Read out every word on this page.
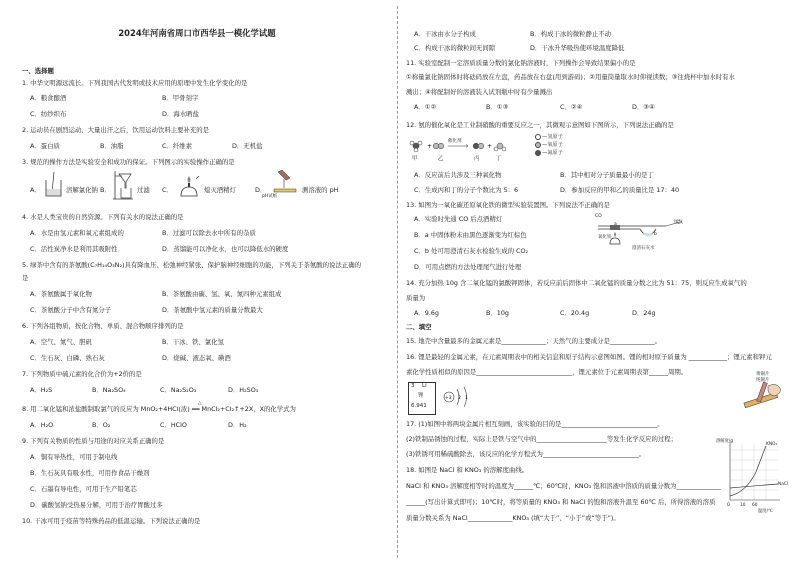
2024年河南省周口市西华县一模化学试题
一、选择题
1. 中华文明源远流长。下列我国古代发明或技术应用的原理中发生化学变化的是
A．粮食酿酒	B．甲骨刻字
C．纺纱织布	D．海水晒盐
2. 运动员在剧烈运动、大量出汗之后，饮用运动饮料主要补充的是
A．蛋白质	B．油脂	C．纤维素	D．无机盐
3. 规范的操作方法是实验安全和成功的保证。下列图示的实验操作正确的是
A．	溶解氯化钠 B．	过滤 C．	熄灭酒精灯	D．
pH试纸
测溶液的 pH
4. 水是人类宝贵的自然资源。下列有关水的说法正确的是
A．水是由氢元素和氧元素组成的	B．过滤可以除去水中所有的杂质
C．活性炭净水是利用其吸附性	D．蒸馏能可以净化水，也可以降低水的硬度
5. 绿茶中含有的茶氨酸(C₇H₁₄O₃N₂)具有降血压、松弛神经紧张、保护脑神经细胞的功能，下列关于茶氨酸的说法正确的
是
A．茶氨酸属于氧化物	B．茶氨酸由碳、氢、氧、氮四种元素组成
C．茶氨酸分子中含有氮分子	D．茶氨酸中氢元素的质量分数最大
6. 下列各组物质，按化合物、单质、混合物顺序排列的是
A．空气、氮气、胆矾	B．干冰、铁、氯化氢
C．生石灰、白磷、熟石灰	D．烧碱、液态氧、碘酒
7. 下列物质中硫元素的化合价为+2价的是
A．H₂S	B．Na₂SO₄	C．Na₂S₂O₃	D．H₂SO₃
8. 用二氧化锰和浓盐酸制取氯气的反应为 MnO₂+4HCl(浓) ══ MnCl₂+Cl₂↑+2X，X的化学式为
△
A．H₂O	B．O₂	C．HClO	D．H₂
9. 下列有关物质的性质与用途的对应关系正确的是
A．铜有导热性，可用于制电线
B．生石灰具有吸水性，可用作食品干燥剂
C．石墨有导电性，可用于生产铅笔芯
D．碳酸氢钠受热易分解，可用于治疗胃酸过多
10. 干冰可用于疫苗等特殊药品的低温运输。下列说法正确的是
A．干冰由水分子构成	B．构成干冰的微粒静止不动
C．构成干冰的微粒间无间隙	D．干冰升华吸热使环境温度降低
11. 实验室配制一定溶质质量分数的氯化钠溶液时，下列操作会导致结果偏小的是
①称量氯化钠固体时将砝码放在左盘，药品放在右盘(用到游码)；②用量筒量取水时仰视读数；③往烧杯中加水时有水
溅出；④将配制好的溶液装入试剂瓶中时有少量溅出
A．①②	B．①③	C．②④	D．③④
12. 氨的催化氧化是工业制硝酸的重要反应之一，其微观示意图如下图所示，下列说法正确的是
+	+
催化剂
甲	乙	丙	丁
—氢原子
—氧原子
—氮原子
A．反应前后共涉及三种氧化物	B．其中相对分子质量最小的是丁
C．生成丙和丁的分子个数比为 5：6	D．参加反应的甲和乙的质量比是 17：40
13. 如图为一氧化碳还原氧化铁的微型实验装置图。下列说法不正确的是
A．实验时先通 CO 后点酒精灯
B．a 中固体粉末由黑色逐渐变为红棕色
C．b 处可用澄清石灰水检验生成的 CO₂
D．可用点燃的方法处理尾气进行处理
CO
a
氧化铁
b
尾气
澄清石灰水
14. 充分加热 10g 含二氧化锰的氯酸钾固体，若反应前后固体中二氧化锰的质量分数之比为 51：75，则反应生成氧气的
质量为
A．9.6g	B．10g	C．20.4g	D．24g
二、填空
15. 地壳中含量最多的金属元素是______________；天然气的主要成分是______________。
16. 锂是最轻的金属元素，在元素周期表中的相关信息和原子结构示意图如图。锂的相对原子质量为 ____________；锂元素和钾元
素化学性质相似的原因是______________________________，锂元素位于元素周期表第______周期。
3 Li
锂
6.941
+3 2 1
黄铜片
纯铜片
17. (1)如图中将两块金属片相互刻画，该实验的目的是______________________________。
(2)铁制品锈蚀的过程，实际上是铁与空气中的______________________等发生化学反应的过程；
(3)铁锈可用稀硫酸除去，该反应的化学方程式为______________________________。
18. 如图是 NaCl 和 KNO₃ 的溶解度曲线。
NaCl 和 KNO₃ 溶解度相等时的温度为______℃；60℃时，KNO₃ 饱和溶液中溶质的质量分数为______________
______(写出计算式即可)；10℃时，将等质量的 KNO₃ 和 NaCl 的饱和溶液升温至 60℃ 后，所得溶液的溶质
质量分数关系为 NaCl______________KNO₃ (填“大于”、“小于”或“等于”)。
溶解度/g
KNO₃
NaCl
0 10 60
温度/℃
